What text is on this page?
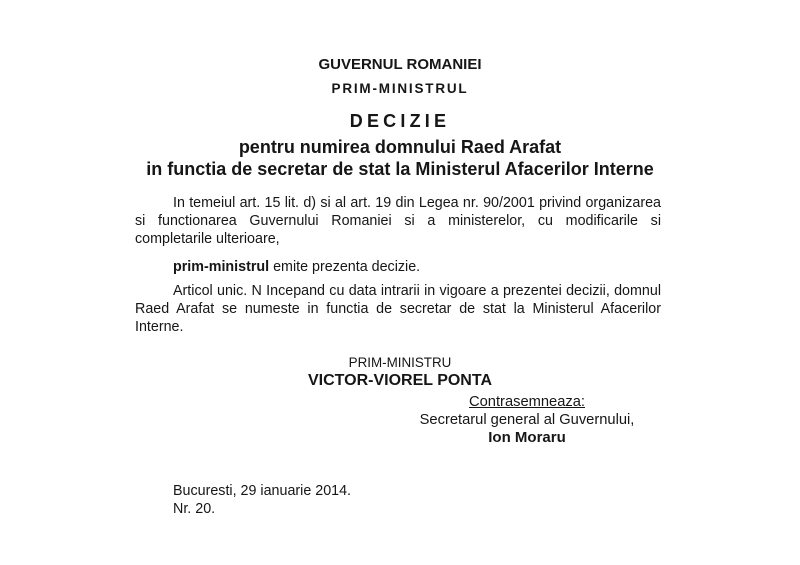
GUVERNUL ROMANIEI
PRIM-MINISTRUL
DECIZIE
pentru numirea domnului Raed Arafat
in functia de secretar de stat la Ministerul Afacerilor Interne
In temeiul art. 15 lit. d) si al art. 19 din Legea nr. 90/2001 privind organizarea si functionarea Guvernului Romaniei si a ministerelor, cu modificarile si completarile ulterioare,
prim-ministrul emite prezenta decizie.
Articol unic. N Incepand cu data intrarii in vigoare a prezentei decizii, domnul Raed Arafat se numeste in functia de secretar de stat la Ministerul Afacerilor Interne.
PRIM-MINISTRU
VICTOR-VIOREL PONTA
Contrasemneaza:
Secretarul general al Guvernului,
Ion Moraru
Bucuresti, 29 ianuarie 2014.
Nr. 20.
